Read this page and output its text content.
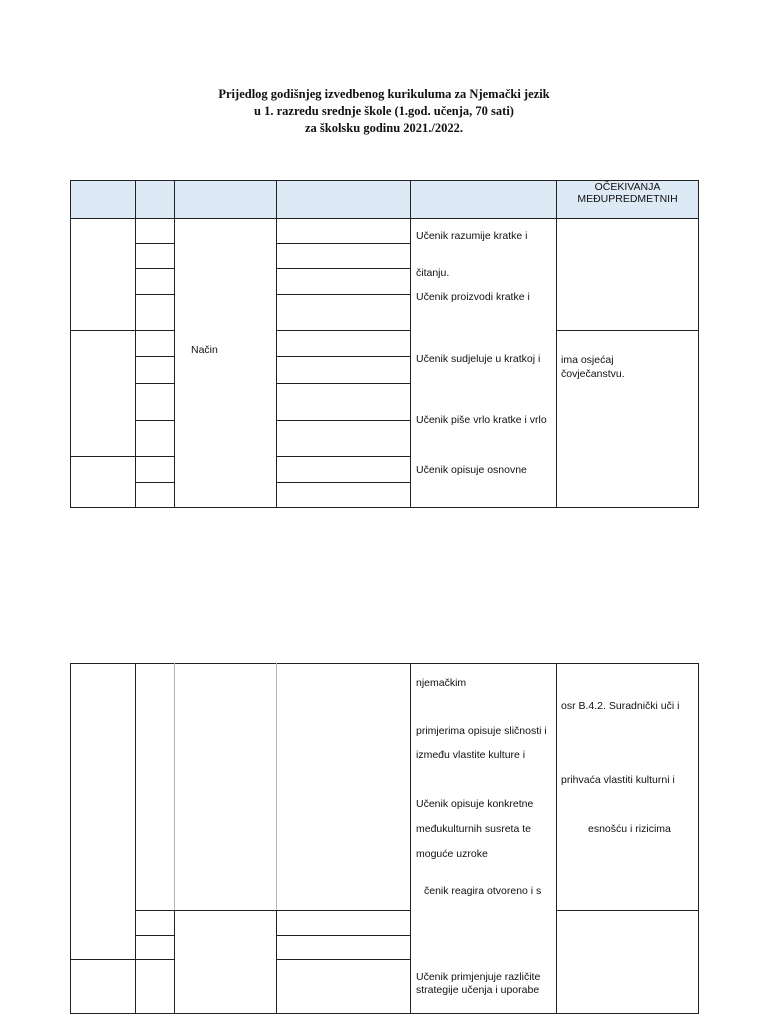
Prijedlog godišnjeg izvedbenog kurikuluma za Njemački jezik
u 1. razredu srednje škole (1.god. učenja, 70 sati)
za školsku godinu 2021./2022.
OČEKIVANJA
MEĐUPREDMETNIH
Način
Učenik razumije kratke i
čitanju.
Učenik proizvodi kratke i
Učenik sudjeluje u kratkoj i
Učenik piše vrlo kratke i vrlo
Učenik opisuje osnovne
ima osjećaj
čovječanstvu.
njemačkim
primjerima opisuje sličnosti i
između vlastite kulture i
Učenik opisuje konkretne
međukulturnih susreta te
moguće uzroke
čenik reagira otvoreno i s
Učenik primjenjuje različite
strategije učenja i uporabe
osr B.4.2. Suradnički uči i
prihvaća vlastiti kulturni i
esnošću i rizicima
